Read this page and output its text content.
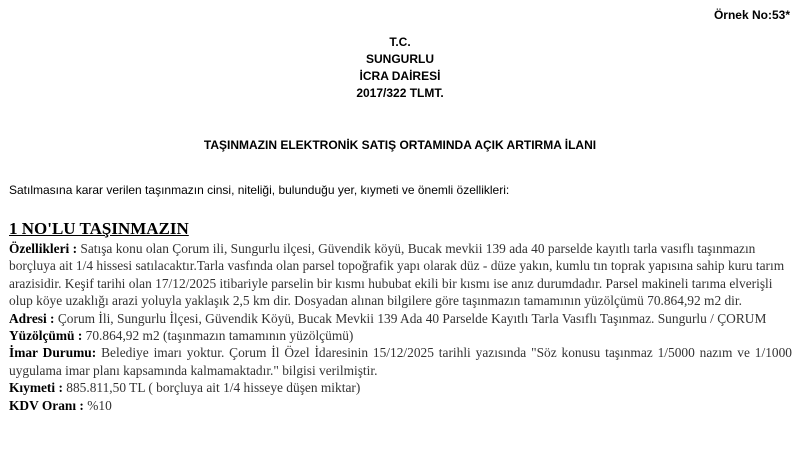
Örnek No:53*
T.C.
SUNGURLU
İCRA DAİRESİ
2017/322 TLMT.
TAŞINMAZIN ELEKTRONİK SATIŞ ORTAMINDA AÇIK ARTIRMA İLANI
Satılmasına karar verilen taşınmazın cinsi, niteliği, bulunduğu yer, kıymeti ve önemli özellikleri:
1 NO'LU TAŞINMAZIN

Özellikleri : Satışa konu olan Çorum ili, Sungurlu ilçesi, Güvendik köyü, Bucak mevkii 139 ada 40 parselde kayıtlı tarla vasıflı taşınmazın borçluya ait 1/4 hissesi satılacaktır.Tarla vasfında olan parsel topoğrafik yapı olarak düz - düze yakın, kumlu tın toprak yapısına sahip kuru tarım arazisidir. Keşif tarihi olan 17/12/2025 itibariyle parselin bir kısmı hububat ekili bir kısmı ise anız durumdadır. Parsel makineli tarıma elverişli olup köye uzaklığı arazi yoluyla yaklaşık 2,5 km dir. Dosyadan alınan bilgilere göre taşınmazın tamamının yüzölçümü 70.864,92 m2 dir.

Adresi : Çorum İli, Sungurlu İlçesi, Güvendik Köyü, Bucak Mevkii 139 Ada 40 Parselde Kayıtlı Tarla Vasıflı Taşınmaz. Sungurlu / ÇORUM

Yüzölçümü : 70.864,92 m2 (taşınmazın tamamının yüzölçümü)

İmar Durumu: Belediye imarı yoktur. Çorum İl Özel İdaresinin 15/12/2025 tarihli yazısında "Söz konusu taşınmaz 1/5000 nazım ve 1/1000 uygulama imar planı kapsamında kalmamaktadır." bilgisi verilmiştir.

Kıymeti : 885.811,50 TL ( borçluya ait 1/4 hisseye düşen miktar)

KDV Oranı : %10
